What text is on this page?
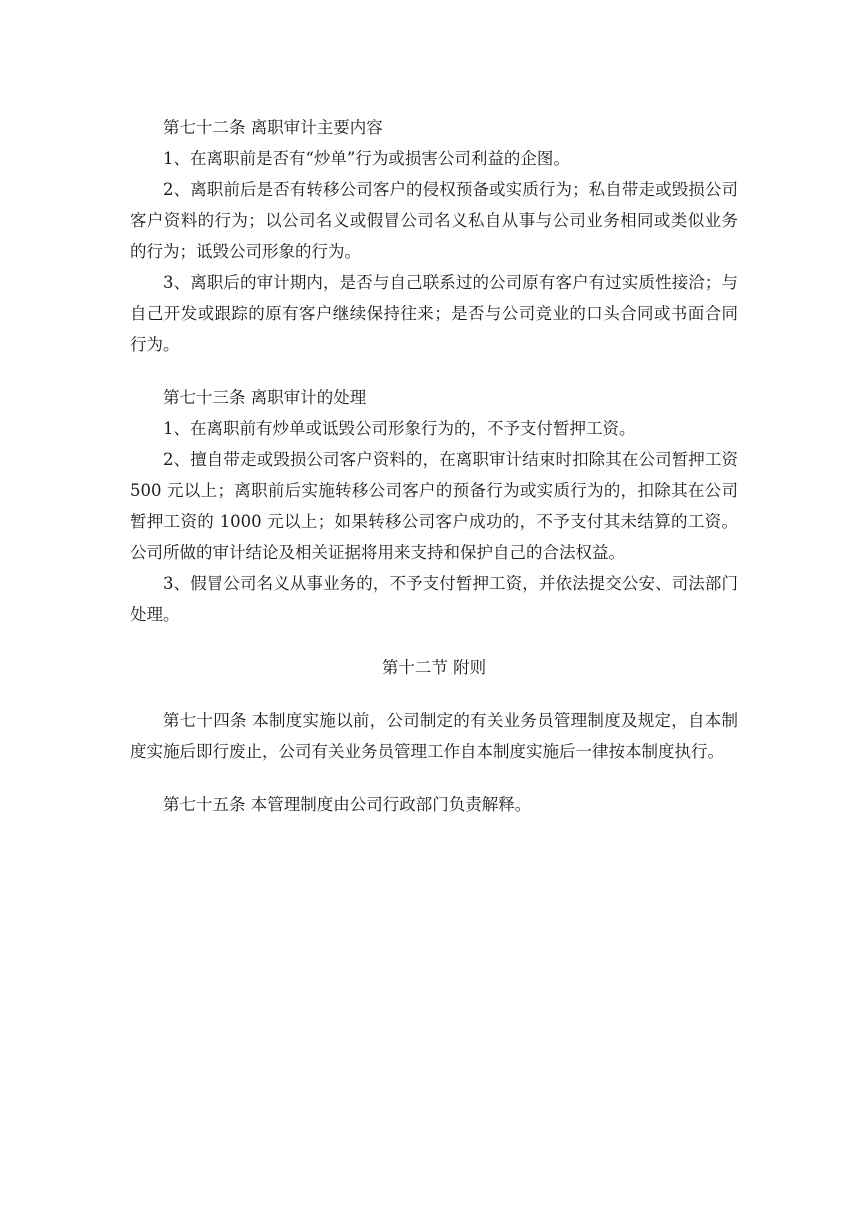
第七十二条 离职审计主要内容

1、在离职前是否有“炒单”行为或损害公司利益的企图。

2、离职前后是否有转移公司客户的侵权预备或实质行为；私自带走或毁损公司客户资料的行为；以公司名义或假冒公司名义私自从事与公司业务相同或类似业务的行为；诋毁公司形象的行为。

3、离职后的审计期内，是否与自己联系过的公司原有客户有过实质性接洽；与自己开发或跟踪的原有客户继续保持往来；是否与公司竞业的口头合同或书面合同行为。

第七十三条 离职审计的处理

1、在离职前有炒单或诋毁公司形象行为的，不予支付暂押工资。

2、擅自带走或毁损公司客户资料的，在离职审计结束时扣除其在公司暂押工资 500 元以上；离职前后实施转移公司客户的预备行为或实质行为的，扣除其在公司暂押工资的 1000 元以上；如果转移公司客户成功的，不予支付其未结算的工资。公司所做的审计结论及相关证据将用来支持和保护自己的合法权益。

3、假冒公司名义从事业务的，不予支付暂押工资，并依法提交公安、司法部门处理。

第十二节 附则

第七十四条 本制度实施以前，公司制定的有关业务员管理制度及规定，自本制度实施后即行废止，公司有关业务员管理工作自本制度实施后一律按本制度执行。

第七十五条 本管理制度由公司行政部门负责解释。
